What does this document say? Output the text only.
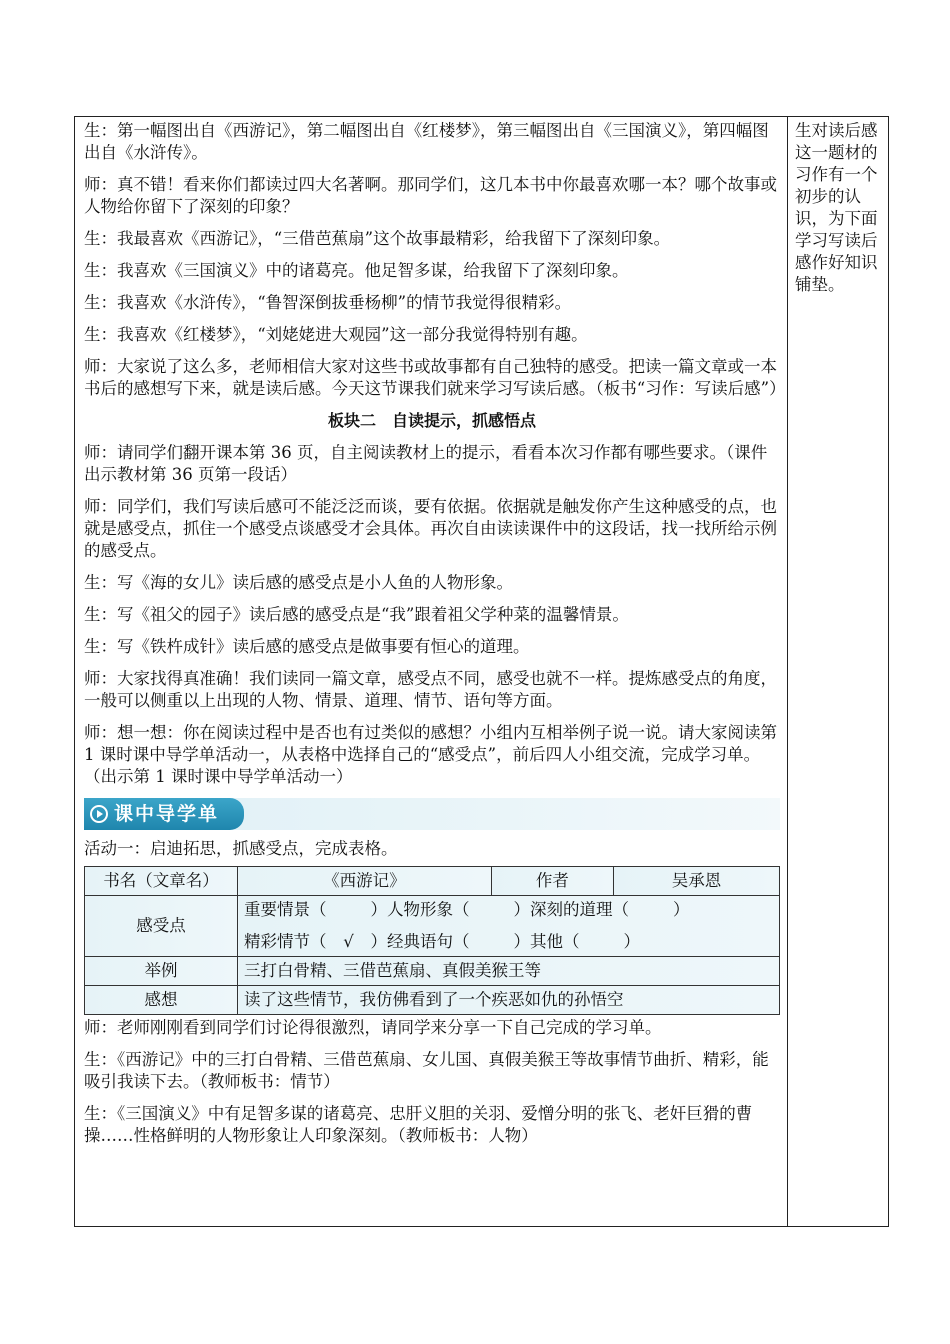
生：第一幅图出自《西游记》，第二幅图出自《红楼梦》，第三幅图出自《三国演义》，第四幅图出自《水浒传》。

师：真不错！看来你们都读过四大名著啊。那同学们，这几本书中你最喜欢哪一本？哪个故事或人物给你留下了深刻的印象？

生：我最喜欢《西游记》，“三借芭蕉扇”这个故事最精彩，给我留下了深刻印象。

生：我喜欢《三国演义》中的诸葛亮。他足智多谋，给我留下了深刻印象。

生：我喜欢《水浒传》，“鲁智深倒拔垂杨柳”的情节我觉得很精彩。

生：我喜欢《红楼梦》，“刘姥姥进大观园”这一部分我觉得特别有趣。

师：大家说了这么多，老师相信大家对这些书或故事都有自己独特的感受。把读一篇文章或一本书后的感想写下来，就是读后感。今天这节课我们就来学习写读后感。（板书“习作：写读后感”）

板块二　自读提示，抓感悟点

师：请同学们翻开课本第 36 页，自主阅读教材上的提示，看看本次习作都有哪些要求。（课件出示教材第 36 页第一段话）

师：同学们，我们写读后感可不能泛泛而谈，要有依据。依据就是触发你产生这种感受的点，也就是感受点，抓住一个感受点谈感受才会具体。再次自由读读课件中的这段话，找一找所给示例的感受点。

生：写《海的女儿》读后感的感受点是小人鱼的人物形象。

生：写《祖父的园子》读后感的感受点是“我”跟着祖父学种菜的温馨情景。

生：写《铁杵成针》读后感的感受点是做事要有恒心的道理。

师：大家找得真准确！我们读同一篇文章，感受点不同，感受也就不一样。提炼感受点的角度，一般可以侧重以上出现的人物、情景、道理、情节、语句等方面。

师：想一想：你在阅读过程中是否也有过类似的感想？小组内互相举例子说一说。请大家阅读第 1 课时课中导学单活动一，从表格中选择自己的“感受点”，前后四人小组交流，完成学习单。（出示第 1 课时课中导学单活动一）

课中导学单

活动一：启迪拓思，抓感受点，完成表格。

书名（文章名）	《西游记》	作者	吴承恩
感受点	重要情景（ ）人物形象（ ）深刻的道理（ ）
精彩情节（ √ ）经典语句（ ）其他（ ）		

举例	三打白骨精、三借芭蕉扇、真假美猴王等		
感想	读了这些情节，我仿佛看到了一个疾恶如仇的孙悟空		

师：老师刚刚看到同学们讨论得很激烈，请同学来分享一下自己完成的学习单。

生：《西游记》中的三打白骨精、三借芭蕉扇、女儿国、真假美猴王等故事情节曲折、精彩，能吸引我读下去。（教师板书：情节）

生：《三国演义》中有足智多谋的诸葛亮、忠肝义胆的关羽、爱憎分明的张飞、老奸巨猾的曹操……性格鲜明的人物形象让人印象深刻。（教师板书：人物）

生对读后感这一题材的习作有一个初步的认识，为下面学习写读后感作好知识铺垫。
